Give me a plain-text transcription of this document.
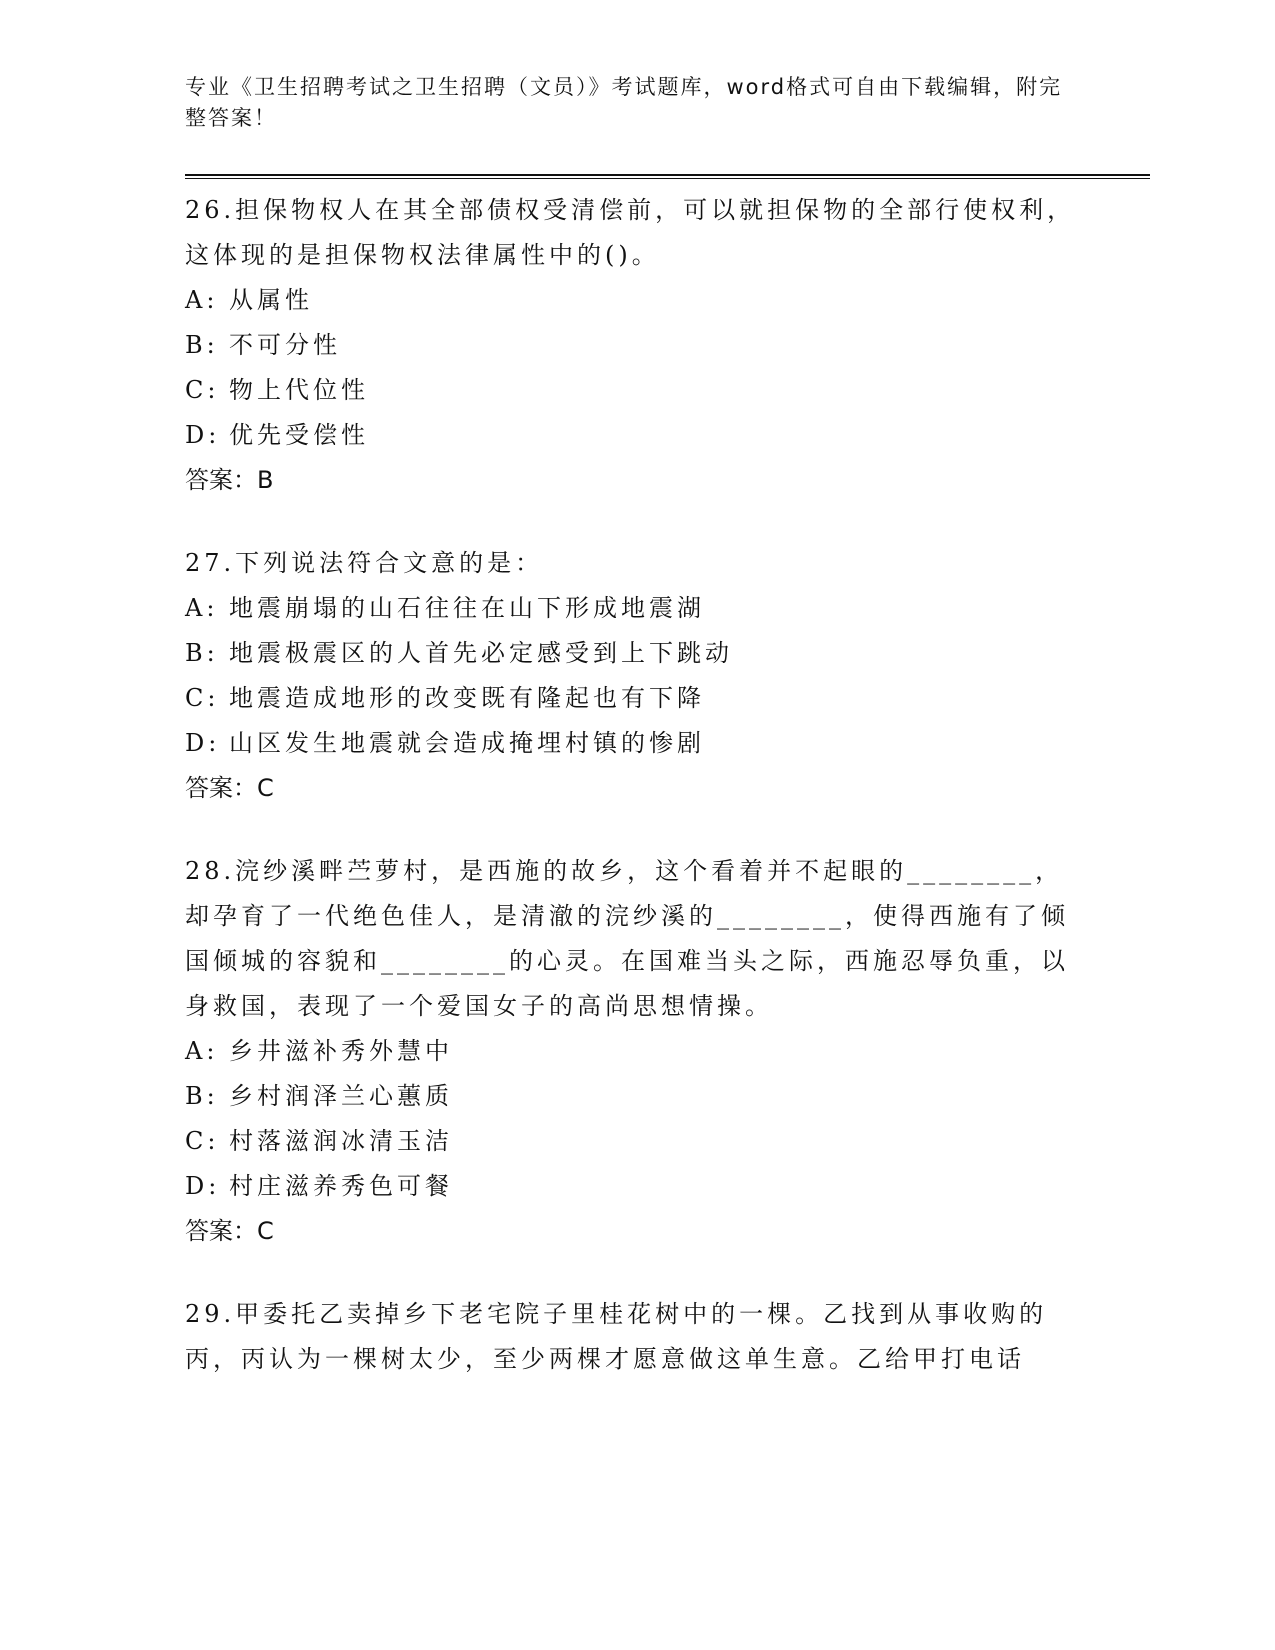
专业《卫生招聘考试之卫生招聘（文员）》考试题库，word格式可自由下载编辑，附完整答案！
26.担保物权人在其全部债权受清偿前，可以就担保物的全部行使权利，这体现的是担保物权法律属性中的()。
A: 从属性
B: 不可分性
C: 物上代位性
D: 优先受偿性
答案：B
27.下列说法符合文意的是：
A: 地震崩塌的山石往往在山下形成地震湖
B: 地震极震区的人首先必定感受到上下跳动
C: 地震造成地形的改变既有隆起也有下降
D: 山区发生地震就会造成掩埋村镇的惨剧
答案：C
28.浣纱溪畔苎萝村，是西施的故乡，这个看着并不起眼的________，却孕育了一代绝色佳人，是清澈的浣纱溪的________，使得西施有了倾国倾城的容貌和________的心灵。在国难当头之际，西施忍辱负重，以身救国，表现了一个爱国女子的高尚思想情操。
A: 乡井滋补秀外慧中
B: 乡村润泽兰心蕙质
C: 村落滋润冰清玉洁
D: 村庄滋养秀色可餐
答案：C
29.甲委托乙卖掉乡下老宅院子里桂花树中的一棵。乙找到从事收购的丙，丙认为一棵树太少，至少两棵才愿意做这单生意。乙给甲打电话
